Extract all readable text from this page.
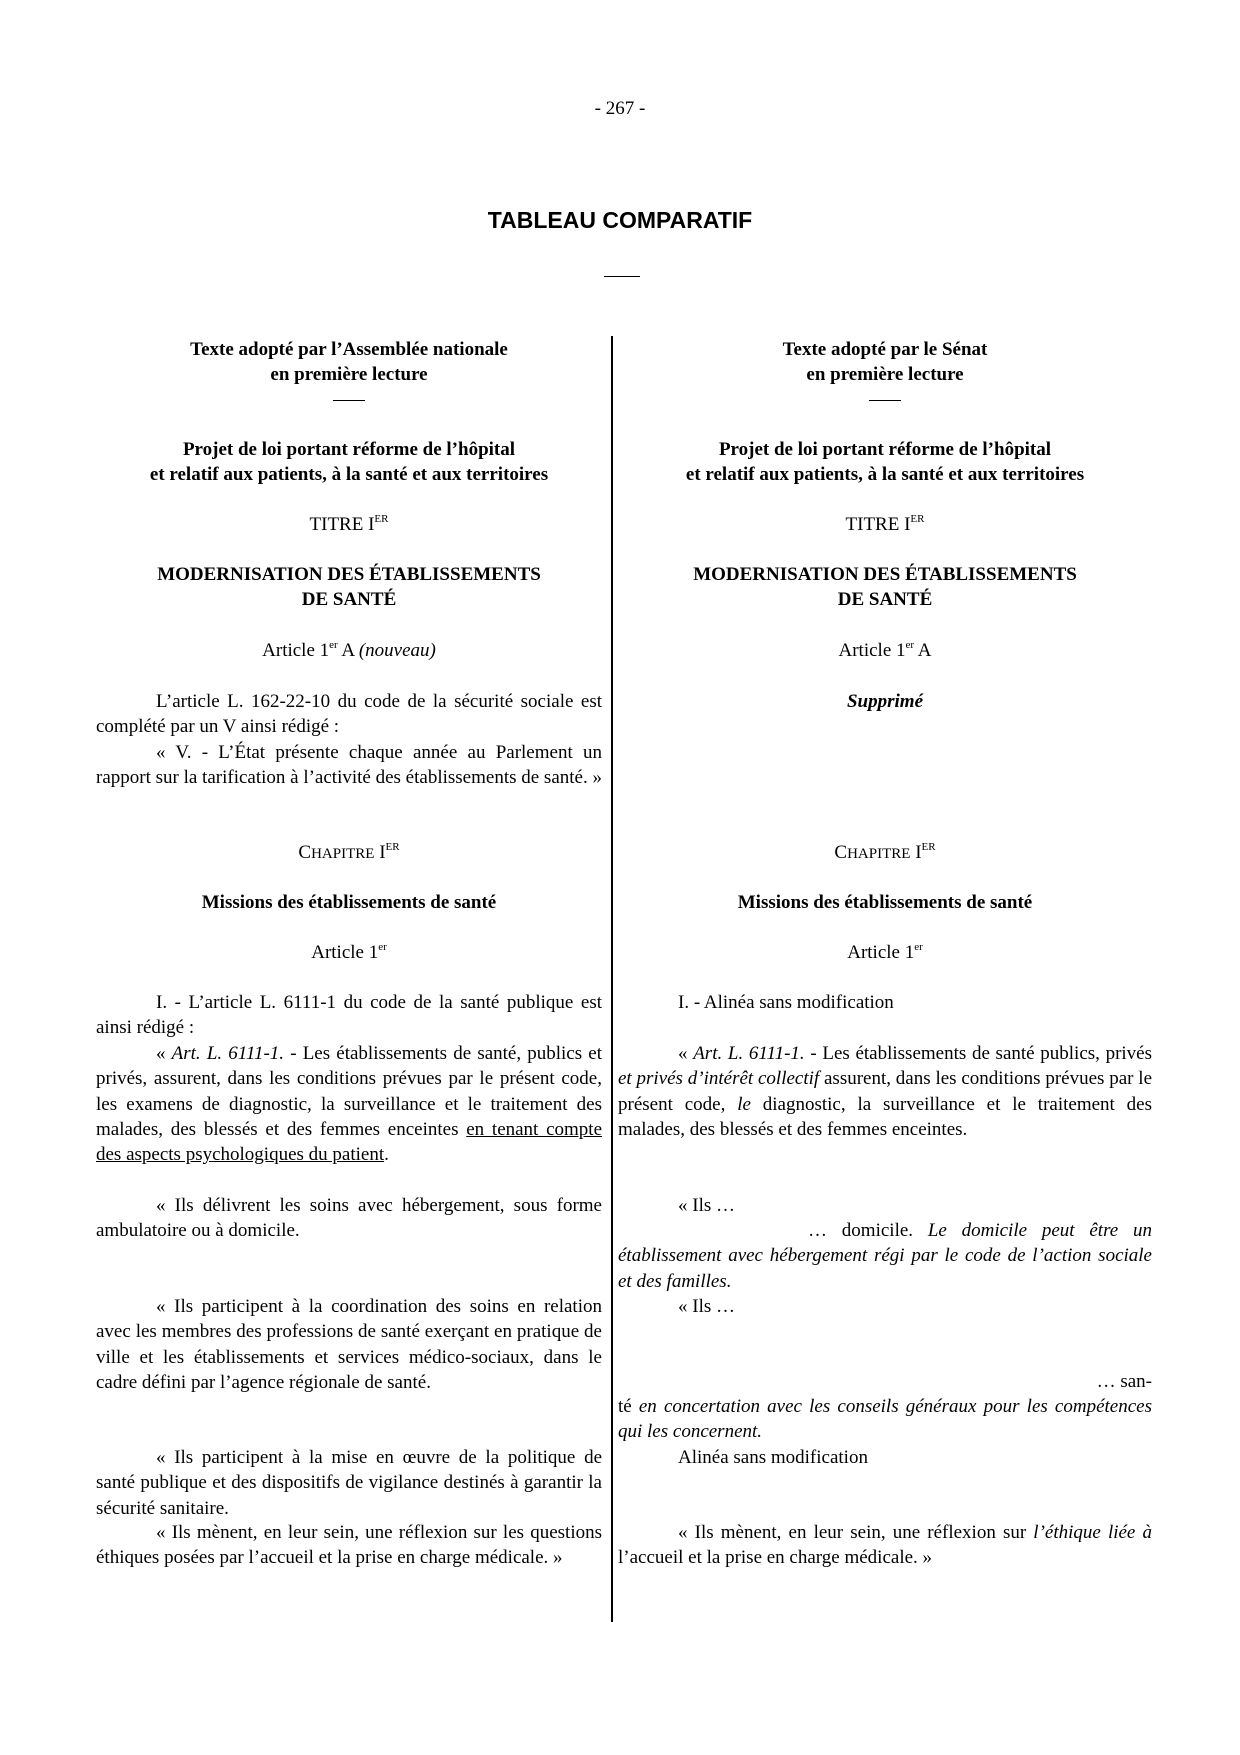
- 267 -
TABLEAU COMPARATIF
Texte adopté par l’Assemblée nationale
en première lecture
Projet de loi portant réforme de l’hôpital
et relatif aux patients, à la santé et aux territoires
TITRE IER
MODERNISATION DES ÉTABLISSEMENTS
DE SANTÉ
Article 1er A (nouveau)
L’article L. 162-22-10 du code de la sécurité sociale est complété par un V ainsi rédigé :
« V. - L’État présente chaque année au Parlement un rapport sur la tarification à l’activité des établissements de santé. »
CHAPITRE IER
Missions des établissements de santé
Article 1er
I. - L’article L. 6111-1 du code de la santé publique est ainsi rédigé :
« Art. L. 6111-1. - Les établissements de santé, publics et privés, assurent, dans les conditions prévues par le présent code, les examens de diagnostic, la surveillance et le traitement des malades, des blessés et des femmes enceintes en tenant compte des aspects psychologiques du patient.
« Ils délivrent les soins avec hébergement, sous forme ambulatoire ou à domicile.
« Ils participent à la coordination des soins en relation avec les membres des professions de santé exerçant en pratique de ville et les établissements et services médico-sociaux, dans le cadre défini par l’agence régionale de santé.
« Ils participent à la mise en œuvre de la politique de santé publique et des dispositifs de vigilance destinés à garantir la sécurité sanitaire.
« Ils mènent, en leur sein, une réflexion sur les questions éthiques posées par l’accueil et la prise en charge médicale. »
Texte adopté par le Sénat
en première lecture
Projet de loi portant réforme de l’hôpital
et relatif aux patients, à la santé et aux territoires
TITRE IER
MODERNISATION DES ÉTABLISSEMENTS
DE SANTÉ
Article 1er A
Supprimé
CHAPITRE IER
Missions des établissements de santé
Article 1er
I. - Alinéa sans modification
« Art. L. 6111-1. - Les établissements de santé publics, privés et privés d’intérêt collectif assurent, dans les conditions prévues par le présent code, le diagnostic, la surveillance et le traitement des malades, des blessés et des femmes enceintes.
« Ils …
… domicile. Le domicile peut être un établissement avec hébergement régi par le code de l’action sociale et des familles.
« Ils …
… san-
té en concertation avec les conseils généraux pour les compétences qui les concernent.
Alinéa sans modification
« Ils mènent, en leur sein, une réflexion sur l’éthique liée à l’accueil et la prise en charge médicale. »
